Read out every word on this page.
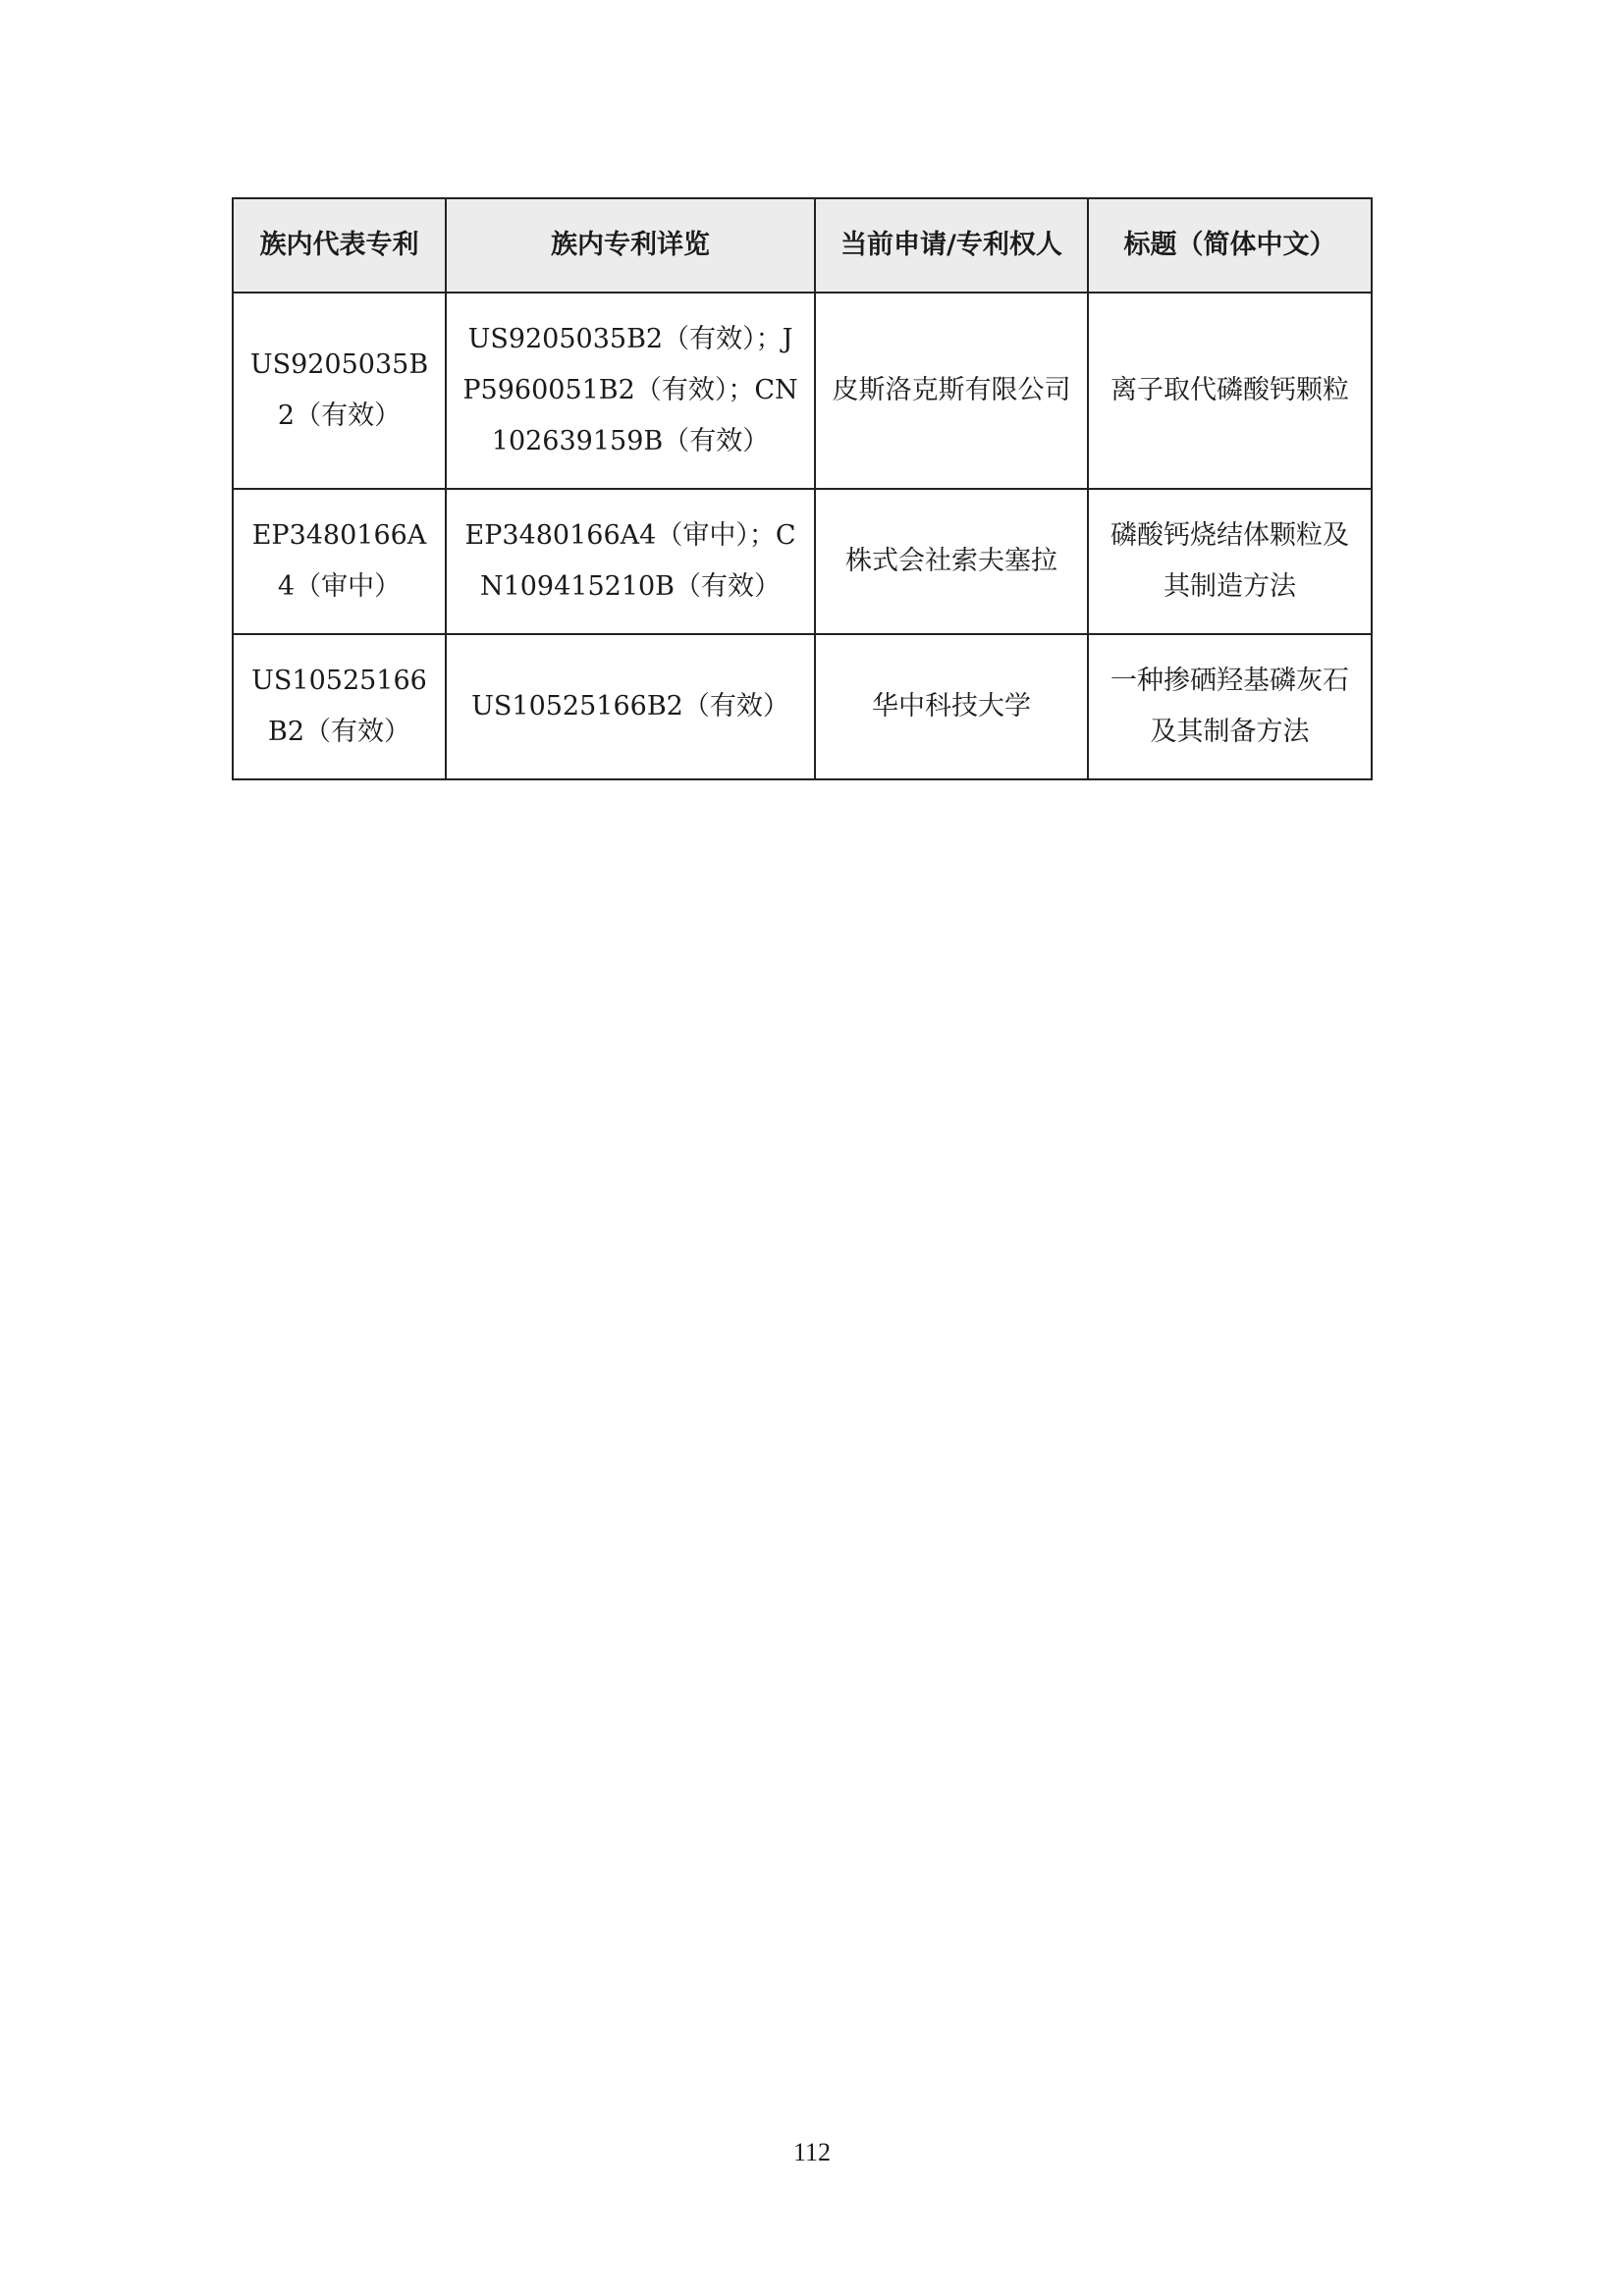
族内代表专利	族内专利详览	当前申请/专利权人	标题（简体中文）
US9205035B2（有效）	US9205035B2（有效）；JP5960051B2（有效）；CN102639159B（有效）	皮斯洛克斯有限公司	离子取代磷酸钙颗粒
EP3480166A4（审中）	EP3480166A4（审中）；CN109415210B（有效）	株式会社索夫塞拉	磷酸钙烧结体颗粒及其制造方法
US10525166B2（有效）	US10525166B2（有效）	华中科技大学	一种掺硒羟基磷灰石及其制备方法
112
